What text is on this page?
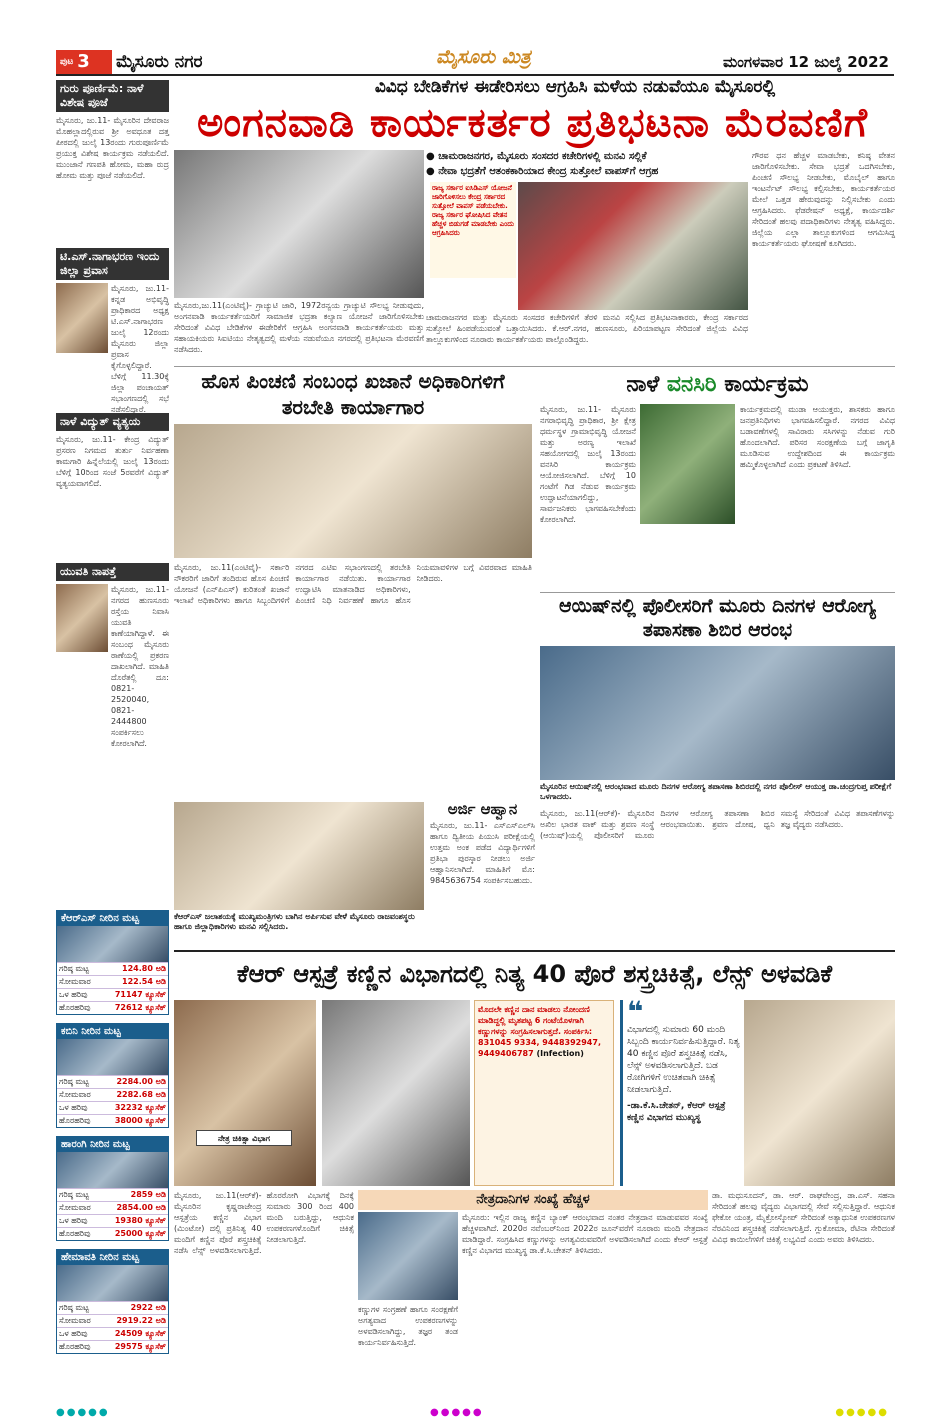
$^{ಪುಟ}$ 3	ಮೈಸೂರು ನಗರ	ಮೈಸೂರು ಮಿತ್ರ	ಮಂಗಳವಾರ 12 ಜುಲೈ 2022
ಗುರು ಪೂರ್ಣಿಮೆ: ನಾಳೆ ವಿಶೇಷ ಪೂಜೆ
ಮೈಸೂರು, ಜು.11- ಮೈಸೂರಿನ ದೇವರಾಜ ಮೊಹಲ್ಲಾದಲ್ಲಿರುವ ಶ್ರೀ ಅವಧೂತ ದತ್ತ ಪೀಠದಲ್ಲಿ ಜುಲೈ 13ರಂದು ಗುರುಪೂರ್ಣಿಮೆ ಪ್ರಯುಕ್ತ ವಿಶೇಷ ಕಾರ್ಯಕ್ರಮ ನಡೆಯಲಿದೆ. ಮುಂಜಾನೆ ಗಣಪತಿ ಹೋಮ, ಮಹಾ ರುದ್ರ ಹೋಮ ಮತ್ತು ಪೂಜೆ ನಡೆಯಲಿದೆ.
ಟಿ.ಎಸ್.ನಾಗಾಭರಣ ಇಂದು ಜಿಲ್ಲಾ ಪ್ರವಾಸ
ಮೈಸೂರು, ಜು.11- ಕನ್ನಡ ಅಭಿವೃದ್ಧಿ ಪ್ರಾಧಿಕಾರದ ಅಧ್ಯಕ್ಷ ಟಿ.ಎಸ್.ನಾಗಾಭರಣ ಜುಲೈ 12ರಂದು ಮೈಸೂರು ಜಿಲ್ಲಾ ಪ್ರವಾಸ ಕೈಗೊಳ್ಳಲಿದ್ದಾರೆ. ಬೆಳಿಗ್ಗೆ 11.30ಕ್ಕೆ ಜಿಲ್ಲಾ ಪಂಚಾಯತ್ ಸಭಾಂಗಣದಲ್ಲಿ ಸಭೆ ನಡೆಸಲಿದ್ದಾರೆ.
ನಾಳೆ ವಿದ್ಯುತ್ ವ್ಯತ್ಯಯ
ಮೈಸೂರು, ಜು.11- ಕೇಂದ್ರ ವಿದ್ಯುತ್ ಪ್ರಸರಣ ನಿಗಮದ ತುರ್ತು ನಿರ್ವಹಣಾ ಕಾಮಗಾರಿ ಹಿನ್ನೆಲೆಯಲ್ಲಿ ಜುಲೈ 13ರಂದು ಬೆಳಿಗ್ಗೆ 10ರಿಂದ ಸಂಜೆ 5ರವರೆಗೆ ವಿದ್ಯುತ್ ವ್ಯತ್ಯಯವಾಗಲಿದೆ.
ಯುವತಿ ನಾಪತ್ತೆ
ಮೈಸೂರು, ಜು.11- ನಗರದ ಹುಣಸೂರು ರಸ್ತೆಯ ನಿವಾಸಿ ಯುವತಿ ಕಾಣೆಯಾಗಿದ್ದಾಳೆ. ಈ ಸಂಬಂಧ ಮೈಸೂರು ಠಾಣೆಯಲ್ಲಿ ಪ್ರಕರಣ ದಾಖಲಾಗಿದೆ. ಮಾಹಿತಿ ದೊರೆತಲ್ಲಿ ದೂ: 0821-2520040, 0821-2444800 ಸಂಪರ್ಕಿಸಲು ಕೋರಲಾಗಿದೆ.
ಕೆಆರ್‌ಎಸ್ ನೀರಿನ ಮಟ್ಟ
ಗರಿಷ್ಠ ಮಟ್ಟ	124.80 ಅಡಿ
ಸೋಮವಾರ	122.54 ಅಡಿ
ಒಳ ಹರಿವು	71147 ಕ್ಯೂಸೆಕ್
ಹೊರಹರಿವು	72612 ಕ್ಯೂಸೆಕ್
ಕಬಿನಿ ನೀರಿನ ಮಟ್ಟ
ಗರಿಷ್ಠ ಮಟ್ಟ	2284.00 ಅಡಿ
ಸೋಮವಾರ	2282.68 ಅಡಿ
ಒಳ ಹರಿವು	32232 ಕ್ಯೂಸೆಕ್
ಹೊರಹರಿವು	38000 ಕ್ಯೂಸೆಕ್
ಹಾರಂಗಿ ನೀರಿನ ಮಟ್ಟ
ಗರಿಷ್ಠ ಮಟ್ಟ	2859 ಅಡಿ
ಸೋಮವಾರ	2854.00 ಅಡಿ
ಒಳ ಹರಿವು	19380 ಕ್ಯೂಸೆಕ್
ಹೊರಹರಿವು	25000 ಕ್ಯೂಸೆಕ್
ಹೇಮಾವತಿ ನೀರಿನ ಮಟ್ಟ
ಗರಿಷ್ಠ ಮಟ್ಟ	2922 ಅಡಿ
ಸೋಮವಾರ	2919.22 ಅಡಿ
ಒಳ ಹರಿವು	24509 ಕ್ಯೂಸೆಕ್
ಹೊರಹರಿವು	29575 ಕ್ಯೂಸೆಕ್
ವಿವಿಧ ಬೇಡಿಕೆಗಳ ಈಡೇರಿಸಲು ಆಗ್ರಹಿಸಿ ಮಳೆಯ ನಡುವೆಯೂ ಮೈಸೂರಲ್ಲಿ
ಅಂಗನವಾಡಿ ಕಾರ್ಯಕರ್ತರ ಪ್ರತಿಭಟನಾ ಮೆರವಣಿಗೆ
● ಚಾಮರಾಜನಗರ, ಮೈಸೂರು ಸಂಸದರ ಕಚೇರಿಗಳಲ್ಲಿ ಮನವಿ ಸಲ್ಲಿಕೆ
● ನೇವಾ ಭದ್ರತೆಗೆ ಆತಂಕಕಾರಿಯಾದ ಕೇಂದ್ರ ಸುತ್ತೋಲೆ ವಾಪಸ್‌ಗೆ ಆಗ್ರಹ
ರಾಜ್ಯ ಸರ್ಕಾರ ಐಸಿಡಿಎಸ್ ಯೋಜನೆ ಜಾರಿಗೊಳಿಸಲು ಕೇಂದ್ರ ಸರ್ಕಾರದ ಸುತ್ತೋಲೆ ವಾಪಸ್ ಪಡೆಯಬೇಕು. ರಾಜ್ಯ ಸರ್ಕಾರ ಘೋಷಿಸಿದ ವೇತನ ಹೆಚ್ಚಳ ಬಿಡುಗಡೆ ಮಾಡಬೇಕು ಎಂದು ಆಗ್ರಹಿಸಿದರು
ಮೈಸೂರು,ಜು.11(ಎಂಟಿವೈ)- ಗ್ರಾಚ್ಯುಟಿ ಜಾರಿ, 1972ರನ್ವಯ ಗ್ರಾಚ್ಯುಟಿ ಸೌಲಭ್ಯ ನೀಡುವುದು, ಅಂಗನವಾಡಿ ಕಾರ್ಯಕರ್ತೆಯರಿಗೆ ಸಾಮಾಜಿಕ ಭದ್ರತಾ ಕಲ್ಯಾಣ ಯೋಜನೆ ಜಾರಿಗೊಳಿಸಬೇಕು ಸೇರಿದಂತೆ ವಿವಿಧ ಬೇಡಿಕೆಗಳ ಈಡೇರಿಕೆಗೆ ಆಗ್ರಹಿಸಿ ಅಂಗನವಾಡಿ ಕಾರ್ಯಕರ್ತೆಯರು ಮತ್ತು ಸಹಾಯಕಿಯರು ಸಿಐಟಿಯು ನೇತೃತ್ವದಲ್ಲಿ ಮಳೆಯ ನಡುವೆಯೂ ನಗರದಲ್ಲಿ ಪ್ರತಿಭಟನಾ ಮೆರವಣಿಗೆ ನಡೆಸಿದರು.
ಚಾಮರಾಜನಗರ ಮತ್ತು ಮೈಸೂರು ಸಂಸದರ ಕಚೇರಿಗಳಿಗೆ ತೆರಳಿ ಮನವಿ ಸಲ್ಲಿಸಿದ ಪ್ರತಿಭಟನಾಕಾರರು, ಕೇಂದ್ರ ಸರ್ಕಾರದ ಸುತ್ತೋಲೆ ಹಿಂಪಡೆಯುವಂತೆ ಒತ್ತಾಯಿಸಿದರು. ಕೆ.ಆರ್.ನಗರ, ಹುಣಸೂರು, ಪಿರಿಯಾಪಟ್ಟಣ ಸೇರಿದಂತೆ ಜಿಲ್ಲೆಯ ವಿವಿಧ ತಾಲ್ಲೂಕುಗಳಿಂದ ನೂರಾರು ಕಾರ್ಯಕರ್ತೆಯರು ಪಾಲ್ಗೊಂಡಿದ್ದರು.
ಗೌರವ ಧನ ಹೆಚ್ಚಳ ಮಾಡಬೇಕು, ಕನಿಷ್ಠ ವೇತನ ಜಾರಿಗೊಳಿಸಬೇಕು. ಸೇವಾ ಭದ್ರತೆ ಒದಗಿಸಬೇಕು, ಪಿಂಚಣಿ ಸೌಲಭ್ಯ ನೀಡಬೇಕು, ಮೊಬೈಲ್ ಹಾಗೂ ಇಂಟರ್ನೆಟ್ ಸೌಲಭ್ಯ ಕಲ್ಪಿಸಬೇಕು, ಕಾರ್ಯಕರ್ತೆಯರ ಮೇಲೆ ಒತ್ತಡ ಹೇರುವುದನ್ನು ನಿಲ್ಲಿಸಬೇಕು ಎಂದು ಆಗ್ರಹಿಸಿದರು. ಫೆಡರೇಷನ್ ಅಧ್ಯಕ್ಷೆ, ಕಾರ್ಯದರ್ಶಿ ಸೇರಿದಂತೆ ಹಲವು ಪದಾಧಿಕಾರಿಗಳು ನೇತೃತ್ವ ವಹಿಸಿದ್ದರು. ಜಿಲ್ಲೆಯ ಎಲ್ಲಾ ತಾಲ್ಲೂಕುಗಳಿಂದ ಆಗಮಿಸಿದ್ದ ಕಾರ್ಯಕರ್ತೆಯರು ಘೋಷಣೆ ಕೂಗಿದರು.
ಹೊಸ ಪಿಂಚಣಿ ಸಂಬಂಧ ಖಜಾನೆ ಅಧಿಕಾರಿಗಳಿಗೆ ತರಬೇತಿ ಕಾರ್ಯಾಗಾರ
ಮೈಸೂರು, ಜು.11(ಎಂಟಿವೈ)- ಸರ್ಕಾರಿ ನೌಕರರಿಗೆ ಜಾರಿಗೆ ತಂದಿರುವ ಹೊಸ ಪಿಂಚಣಿ ಯೋಜನೆ (ಎನ್‌ಪಿಎಸ್) ಕುರಿತಂತೆ ಖಜಾನೆ ಇಲಾಖೆ ಅಧಿಕಾರಿಗಳು ಹಾಗೂ ಸಿಬ್ಬಂದಿಗಳಿಗೆ ನಗರದ ಎಟಿಐ ಸಭಾಂಗಣದಲ್ಲಿ ತರಬೇತಿ ಕಾರ್ಯಾಗಾರ ನಡೆಯಿತು. ಕಾರ್ಯಾಗಾರ ಉದ್ಘಾಟಿಸಿ ಮಾತನಾಡಿದ ಅಧಿಕಾರಿಗಳು, ಪಿಂಚಣಿ ನಿಧಿ ನಿರ್ವಹಣೆ ಹಾಗೂ ಹೊಸ ನಿಯಮಾವಳಿಗಳ ಬಗ್ಗೆ ವಿವರವಾದ ಮಾಹಿತಿ ನೀಡಿದರು.
ನಾಳೆ ವನಸಿರಿ ಕಾರ್ಯಕ್ರಮ
ಮೈಸೂರು, ಜು.11- ಮೈಸೂರು ನಗರಾಭಿವೃದ್ಧಿ ಪ್ರಾಧಿಕಾರ, ಶ್ರೀ ಕ್ಷೇತ್ರ ಧರ್ಮಸ್ಥಳ ಗ್ರಾಮಾಭಿವೃದ್ಧಿ ಯೋಜನೆ ಮತ್ತು ಅರಣ್ಯ ಇಲಾಖೆ ಸಹಯೋಗದಲ್ಲಿ ಜುಲೈ 13ರಂದು ವನಸಿರಿ ಕಾರ್ಯಕ್ರಮ ಆಯೋಜಿಸಲಾಗಿದೆ. ಬೆಳಿಗ್ಗೆ 10 ಗಂಟೆಗೆ ಗಿಡ ನೆಡುವ ಕಾರ್ಯಕ್ರಮ ಉದ್ಘಾಟನೆಯಾಗಲಿದ್ದು, ಸಾರ್ವಜನಿಕರು ಭಾಗವಹಿಸಬೇಕೆಂದು ಕೋರಲಾಗಿದೆ.
ಕಾರ್ಯಕ್ರಮದಲ್ಲಿ ಮುಡಾ ಆಯುಕ್ತರು, ಶಾಸಕರು ಹಾಗೂ ಜನಪ್ರತಿನಿಧಿಗಳು ಭಾಗವಹಿಸಲಿದ್ದಾರೆ. ನಗರದ ವಿವಿಧ ಬಡಾವಣೆಗಳಲ್ಲಿ ಸಾವಿರಾರು ಸಸಿಗಳನ್ನು ನೆಡುವ ಗುರಿ ಹೊಂದಲಾಗಿದೆ. ಪರಿಸರ ಸಂರಕ್ಷಣೆಯ ಬಗ್ಗೆ ಜಾಗೃತಿ ಮೂಡಿಸುವ ಉದ್ದೇಶದಿಂದ ಈ ಕಾರ್ಯಕ್ರಮ ಹಮ್ಮಿಕೊಳ್ಳಲಾಗಿದೆ ಎಂದು ಪ್ರಕಟಣೆ ತಿಳಿಸಿದೆ.
ಆಯಿಷ್‌ನಲ್ಲಿ ಪೊಲೀಸರಿಗೆ ಮೂರು ದಿನಗಳ ಆರೋಗ್ಯ ತಪಾಸಣಾ ಶಿಬಿರ ಆರಂಭ
ಮೈಸೂರಿನ ಆಯಿಷ್‌ನಲ್ಲಿ ಆರಂಭವಾದ ಮೂರು ದಿನಗಳ ಆರೋಗ್ಯ ತಪಾಸಣಾ ಶಿಬಿರದಲ್ಲಿ ನಗರ ಪೊಲೀಸ್ ಆಯುಕ್ತ ಡಾ.ಚಂದ್ರಗುಪ್ತ ಪರೀಕ್ಷೆಗೆ ಒಳಗಾದರು.
ಮೈಸೂರು, ಜು.11(ಆರ್‌ಕೆ)- ಮೈಸೂರಿನ ಅಖಿಲ ಭಾರತ ವಾಕ್ ಮತ್ತು ಶ್ರವಣ ಸಂಸ್ಥೆ (ಆಯಿಷ್)ಯಲ್ಲಿ ಪೊಲೀಸರಿಗೆ ಮೂರು ದಿನಗಳ ಆರೋಗ್ಯ ತಪಾಸಣಾ ಶಿಬಿರ ಆರಂಭವಾಯಿತು. ಶ್ರವಣ ದೋಷ, ಧ್ವನಿ ಸಮಸ್ಯೆ ಸೇರಿದಂತೆ ವಿವಿಧ ತಪಾಸಣೆಗಳನ್ನು ತಜ್ಞ ವೈದ್ಯರು ನಡೆಸಿದರು.
ಕೆಆರ್‌ಎಸ್ ಜಲಾಶಯಕ್ಕೆ ಮುಖ್ಯಮಂತ್ರಿಗಳು ಬಾಗಿನ ಅರ್ಪಿಸುವ ವೇಳೆ ಮೈಸೂರು ರಾಜವಂಶಸ್ಥರು ಹಾಗೂ ಜಿಲ್ಲಾಧಿಕಾರಿಗಳು ಮನವಿ ಸಲ್ಲಿಸಿದರು.
ಅರ್ಜಿ ಆಹ್ವಾನ
ಮೈಸೂರು, ಜು.11- ಎಸ್‌ಎಸ್‌ಎಲ್‌ಸಿ ಹಾಗೂ ದ್ವಿತೀಯ ಪಿಯುಸಿ ಪರೀಕ್ಷೆಯಲ್ಲಿ ಉತ್ತಮ ಅಂಕ ಪಡೆದ ವಿದ್ಯಾರ್ಥಿಗಳಿಗೆ ಪ್ರತಿಭಾ ಪುರಸ್ಕಾರ ನೀಡಲು ಅರ್ಜಿ ಆಹ್ವಾನಿಸಲಾಗಿದೆ. ಮಾಹಿತಿಗೆ ಮೊ: 9845636754 ಸಂಪರ್ಕಿಸಬಹುದು.
ಕೆಆರ್ ಆಸ್ಪತ್ರೆ ಕಣ್ಣಿನ ವಿಭಾಗದಲ್ಲಿ ನಿತ್ಯ 40 ಪೊರೆ ಶಸ್ತ್ರಚಿಕಿತ್ಸೆ, ಲೆನ್ಸ್ ಅಳವಡಿಕೆ
ನೇತ್ರ ಚಿಕಿತ್ಸಾ ವಿಭಾಗ
ಮೊದಲೇ ಕಣ್ಣಿನ ದಾನ ಮಾಡಲು ನೋಂದಣಿ ಮಾಡಿದ್ದಲ್ಲಿ ಮೃತಪಟ್ಟ 6 ಗಂಟೆಯೊಳಗಾಗಿ ಕಣ್ಣುಗಳನ್ನು ಸಂಗ್ರಹಿಸಲಾಗುತ್ತದೆ. ಸಂಪರ್ಕಿಸಿ: 831045 9334, 9448392947, 9449406787 (Infection)
❝
ವಿಭಾಗದಲ್ಲಿ ಸುಮಾರು 60 ಮಂದಿ ಸಿಬ್ಬಂದಿ ಕಾರ್ಯನಿರ್ವಹಿಸುತ್ತಿದ್ದಾರೆ. ನಿತ್ಯ 40 ಕಣ್ಣಿನ ಪೊರೆ ಶಸ್ತ್ರಚಿಕಿತ್ಸೆ ನಡೆಸಿ, ಲೆನ್ಸ್ ಅಳವಡಿಸಲಾಗುತ್ತಿದೆ. ಬಡ ರೋಗಿಗಳಿಗೆ ಉಚಿತವಾಗಿ ಚಿಕಿತ್ಸೆ ನೀಡಲಾಗುತ್ತಿದೆ.
-ಡಾ.ಕೆ.ಸಿ.ಚೇತನ್, ಕೆಆರ್ ಆಸ್ಪತ್ರೆ ಕಣ್ಣಿನ ವಿಭಾಗದ ಮುಖ್ಯಸ್ಥ
ಮೈಸೂರು, ಜು.11(ಆರ್‌ಕೆ)- ಮೈಸೂರಿನ ಕೃಷ್ಣರಾಜೇಂದ್ರ ಆಸ್ಪತ್ರೆಯ ಕಣ್ಣಿನ ವಿಭಾಗ (ಮಿಂಟೋ) ದಲ್ಲಿ ಪ್ರತಿನಿತ್ಯ 40 ಮಂದಿಗೆ ಕಣ್ಣಿನ ಪೊರೆ ಶಸ್ತ್ರಚಿಕಿತ್ಸೆ ನಡೆಸಿ ಲೆನ್ಸ್ ಅಳವಡಿಸಲಾಗುತ್ತಿದೆ. ಹೊರರೋಗಿ ವಿಭಾಗಕ್ಕೆ ದಿನಕ್ಕೆ ಸುಮಾರು 300 ರಿಂದ 400 ಮಂದಿ ಬರುತ್ತಿದ್ದು, ಆಧುನಿಕ ಉಪಕರಣಗಳೊಂದಿಗೆ ಚಿಕಿತ್ಸೆ ನೀಡಲಾಗುತ್ತಿದೆ.
ನೇತ್ರದಾನಿಗಳ ಸಂಖ್ಯೆ ಹೆಚ್ಚಳ
ಮೈಸೂರು: ಇಲ್ಲಿನ ರಾಜ್ಯ ಕಣ್ಣಿನ ಬ್ಯಾಂಕ್ ಆರಂಭವಾದ ನಂತರ ನೇತ್ರದಾನ ಮಾಡುವವರ ಸಂಖ್ಯೆ ಹೆಚ್ಚಳವಾಗಿದೆ. 2020ರ ನವೆಂಬರ್‌ನಿಂದ 2022ರ ಜೂನ್‌ವರೆಗೆ ನೂರಾರು ಮಂದಿ ನೇತ್ರದಾನ ಮಾಡಿದ್ದಾರೆ. ಸಂಗ್ರಹಿಸಿದ ಕಣ್ಣುಗಳನ್ನು ಅಗತ್ಯವಿರುವವರಿಗೆ ಅಳವಡಿಸಲಾಗಿದೆ ಎಂದು ಕೆಆರ್ ಆಸ್ಪತ್ರೆ ಕಣ್ಣಿನ ವಿಭಾಗದ ಮುಖ್ಯಸ್ಥ ಡಾ.ಕೆ.ಸಿ.ಚೇತನ್ ತಿಳಿಸಿದರು.
ಕಣ್ಣುಗಳ ಸಂಗ್ರಹಣೆ ಹಾಗೂ ಸಂರಕ್ಷಣೆಗೆ ಅಗತ್ಯವಾದ ಉಪಕರಣಗಳನ್ನು ಅಳವಡಿಸಲಾಗಿದ್ದು, ತಜ್ಞರ ತಂಡ ಕಾರ್ಯನಿರ್ವಹಿಸುತ್ತಿದೆ.
ಡಾ. ಮಧುಸೂದನ್, ಡಾ. ಆರ್. ರಾಘವೇಂದ್ರ, ಡಾ.ಎಸ್. ಸಹನಾ ಸೇರಿದಂತೆ ಹಲವು ವೈದ್ಯರು ವಿಭಾಗದಲ್ಲಿ ಸೇವೆ ಸಲ್ಲಿಸುತ್ತಿದ್ದಾರೆ. ಆಧುನಿಕ ಫೇಕೋ ಯಂತ್ರ, ಮೈಕ್ರೋಸ್ಕೋಪ್ ಸೇರಿದಂತೆ ಅತ್ಯಾಧುನಿಕ ಉಪಕರಣಗಳ ನೆರವಿನಿಂದ ಶಸ್ತ್ರಚಿಕಿತ್ಸೆ ನಡೆಸಲಾಗುತ್ತಿದೆ. ಗ್ಲುಕೋಮಾ, ರೆಟಿನಾ ಸೇರಿದಂತೆ ವಿವಿಧ ಕಾಯಿಲೆಗಳಿಗೆ ಚಿಕಿತ್ಸೆ ಲಭ್ಯವಿದೆ ಎಂದು ಅವರು ತಿಳಿಸಿದರು.
●●●●●	●●●●●	●●●●●
